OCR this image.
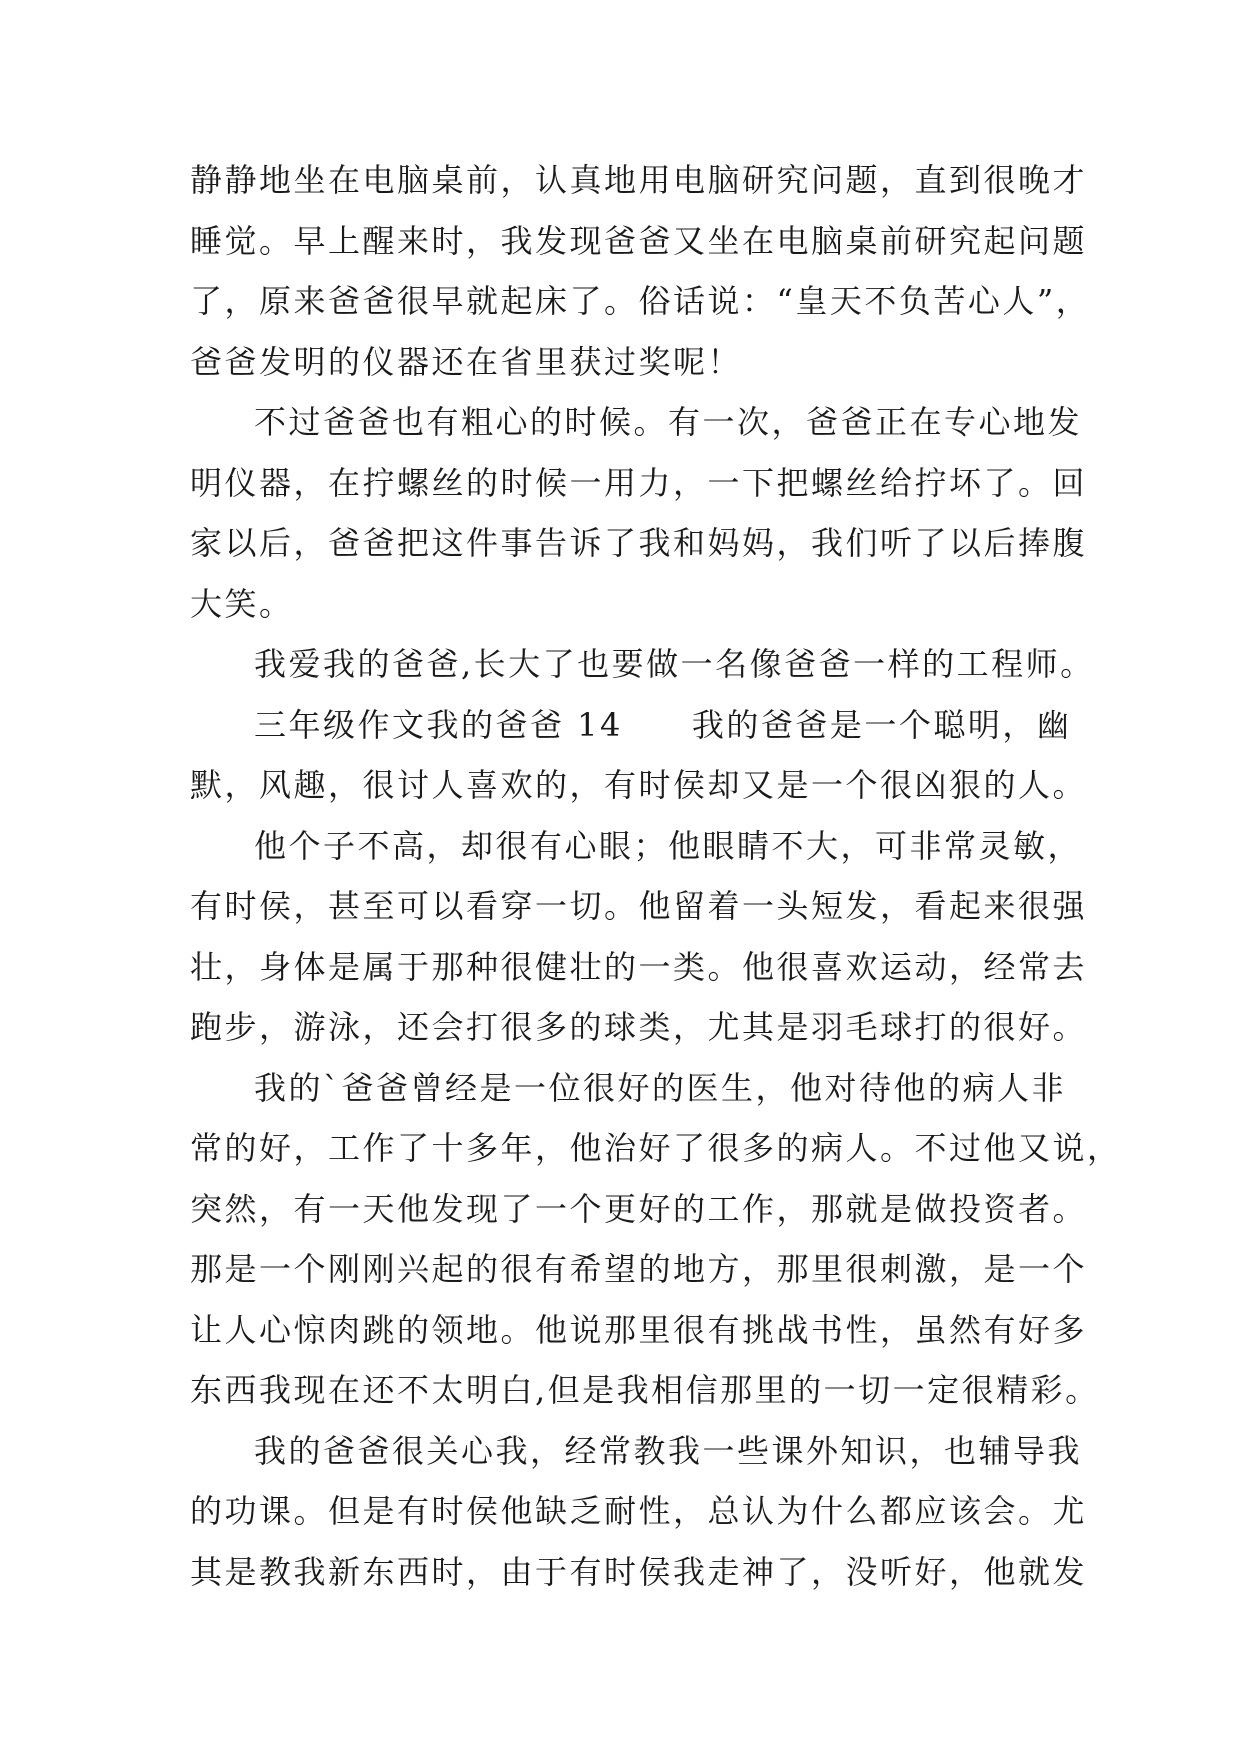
静静地坐在电脑桌前，认真地用电脑研究问题，直到很晚才
睡觉。早上醒来时，我发现爸爸又坐在电脑桌前研究起问题
了，原来爸爸很早就起床了。俗话说：“皇天不负苦心人”，
爸爸发明的仪器还在省里获过奖呢！
不过爸爸也有粗心的时候。有一次，爸爸正在专心地发
明仪器，在拧螺丝的时候一用力，一下把螺丝给拧坏了。回
家以后，爸爸把这件事告诉了我和妈妈，我们听了以后捧腹
大笑。
我爱我的爸爸,长大了也要做一名像爸爸一样的工程师。
三年级作文我的爸爸 14　　我的爸爸是一个聪明，幽
默，风趣，很讨人喜欢的，有时侯却又是一个很凶狠的人。
他个子不高，却很有心眼；他眼睛不大，可非常灵敏，
有时侯，甚至可以看穿一切。他留着一头短发，看起来很强
壮，身体是属于那种很健壮的一类。他很喜欢运动，经常去
跑步，游泳，还会打很多的球类，尤其是羽毛球打的很好。
我的`爸爸曾经是一位很好的医生，他对待他的病人非
常的好，工作了十多年，他治好了很多的病人。不过他又说，
突然，有一天他发现了一个更好的工作，那就是做投资者。
那是一个刚刚兴起的很有希望的地方，那里很刺激，是一个
让人心惊肉跳的领地。他说那里很有挑战书性，虽然有好多
东西我现在还不太明白,但是我相信那里的一切一定很精彩。
我的爸爸很关心我，经常教我一些课外知识，也辅导我
的功课。但是有时侯他缺乏耐性，总认为什么都应该会。尤
其是教我新东西时，由于有时侯我走神了，没听好，他就发
